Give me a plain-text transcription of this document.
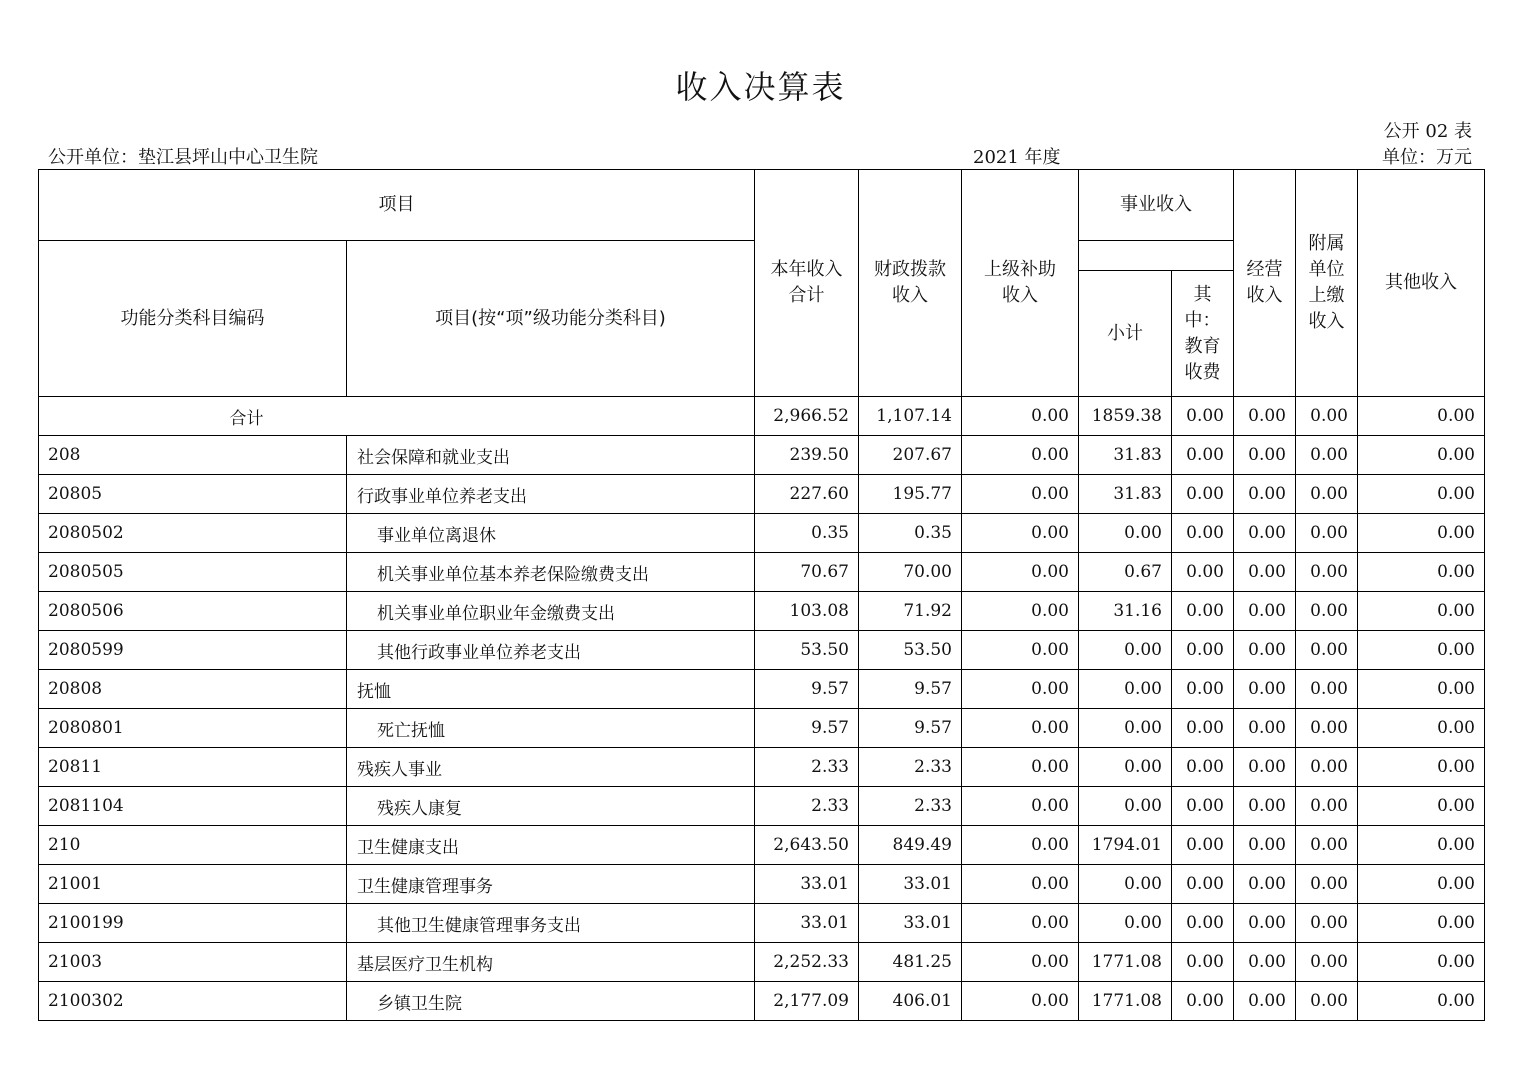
收入决算表
公开 02 表
公开单位：垫江县坪山中心卫生院	2021 年度	单位：万元
项目		本年收入合计	财政拨款收入	上级补助收入	事业收入		经营收入	附属单位上缴收入	其他收入
功能分类科目编码	项目(按“项”级功能分类科目)								
					小计	其中：教育收费			

合计		2,966.52	1,107.14	0.00	1859.38	0.00	0.00	0.00	0.00
208	社会保障和就业支出	239.50	207.67	0.00	31.83	0.00	0.00	0.00	0.00
20805	行政事业单位养老支出	227.60	195.77	0.00	31.83	0.00	0.00	0.00	0.00
2080502	事业单位离退休	0.35	0.35	0.00	0.00	0.00	0.00	0.00	0.00
2080505	机关事业单位基本养老保险缴费支出	70.67	70.00	0.00	0.67	0.00	0.00	0.00	0.00
2080506	机关事业单位职业年金缴费支出	103.08	71.92	0.00	31.16	0.00	0.00	0.00	0.00
2080599	其他行政事业单位养老支出	53.50	53.50	0.00	0.00	0.00	0.00	0.00	0.00
20808	抚恤	9.57	9.57	0.00	0.00	0.00	0.00	0.00	0.00
2080801	死亡抚恤	9.57	9.57	0.00	0.00	0.00	0.00	0.00	0.00
20811	残疾人事业	2.33	2.33	0.00	0.00	0.00	0.00	0.00	0.00
2081104	残疾人康复	2.33	2.33	0.00	0.00	0.00	0.00	0.00	0.00
210	卫生健康支出	2,643.50	849.49	0.00	1794.01	0.00	0.00	0.00	0.00
21001	卫生健康管理事务	33.01	33.01	0.00	0.00	0.00	0.00	0.00	0.00
2100199	其他卫生健康管理事务支出	33.01	33.01	0.00	0.00	0.00	0.00	0.00	0.00
21003	基层医疗卫生机构	2,252.33	481.25	0.00	1771.08	0.00	0.00	0.00	0.00
2100302	乡镇卫生院	2,177.09	406.01	0.00	1771.08	0.00	0.00	0.00	0.00
